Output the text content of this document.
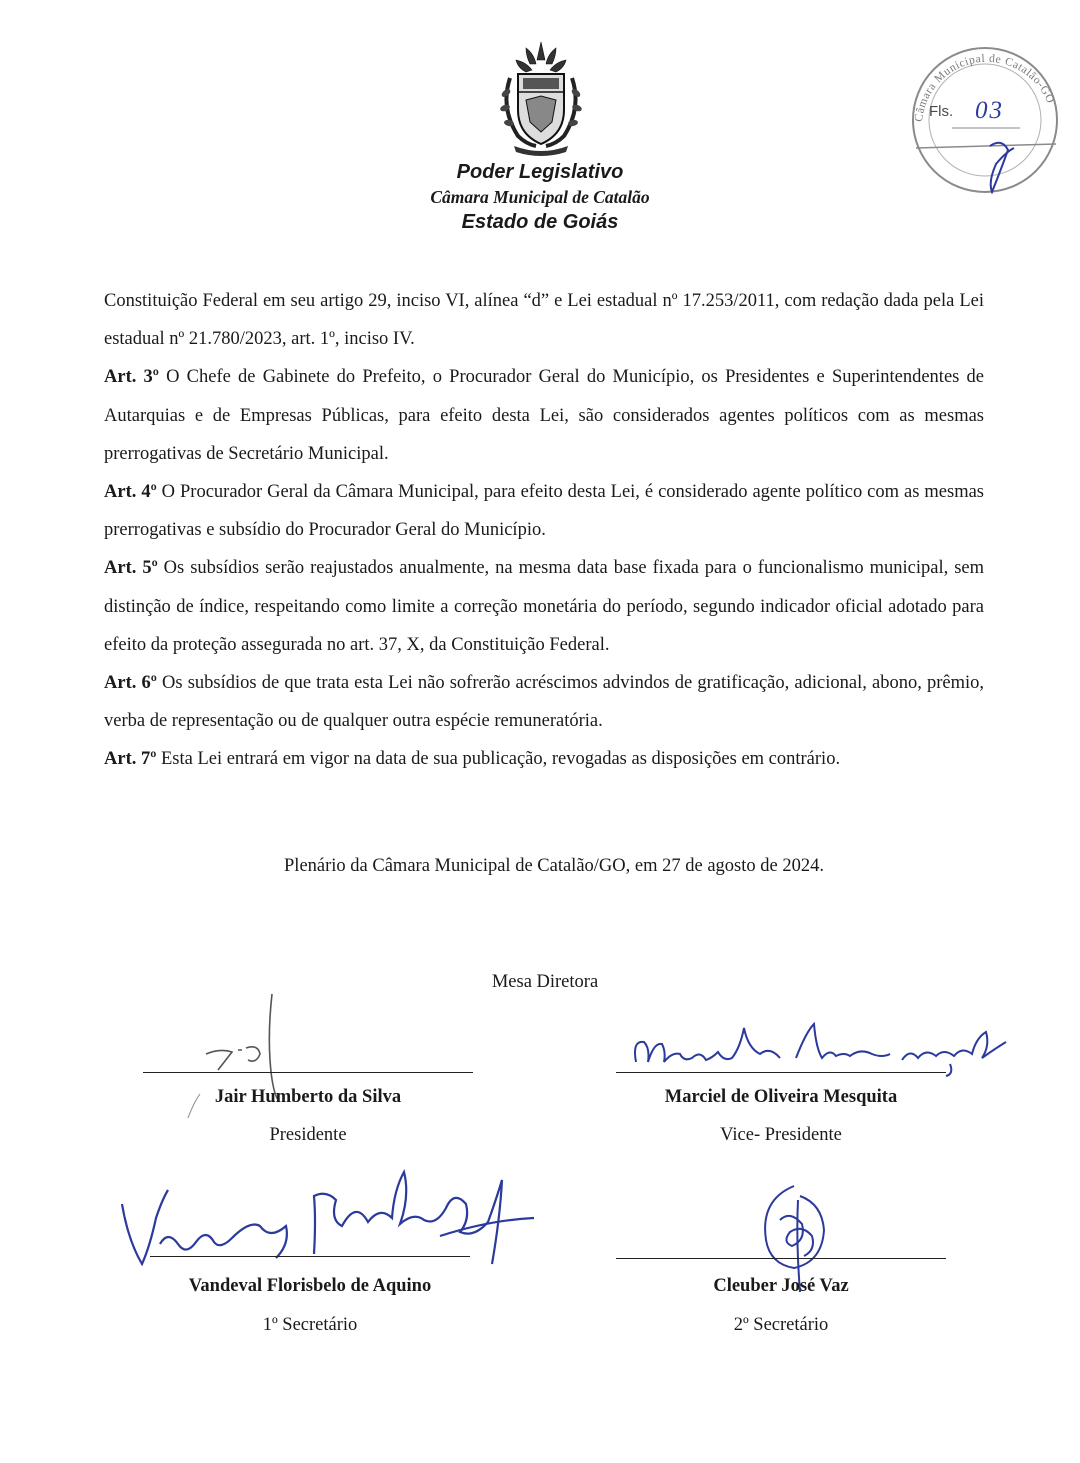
Poder Legislativo
Câmara Municipal de Catalão
Estado de Goiás
Câmara Municipal de Catalão-GO
Fls. 03

Constituição Federal em seu artigo 29, inciso VI, alínea “d” e Lei estadual nº 17.253/2011, com redação dada pela Lei estadual nº 21.780/2023, art. 1º, inciso IV.

Art. 3º O Chefe de Gabinete do Prefeito, o Procurador Geral do Município, os Presidentes e Superintendentes de Autarquias e de Empresas Públicas, para efeito desta Lei, são considerados agentes políticos com as mesmas prerrogativas de Secretário Municipal.

Art. 4º O Procurador Geral da Câmara Municipal, para efeito desta Lei, é considerado agente político com as mesmas prerrogativas e subsídio do Procurador Geral do Município.

Art. 5º Os subsídios serão reajustados anualmente, na mesma data base fixada para o funcionalismo municipal, sem distinção de índice, respeitando como limite a correção monetária do período, segundo indicador oficial adotado para efeito da proteção assegurada no art. 37, X, da Constituição Federal.

Art. 6º Os subsídios de que trata esta Lei não sofrerão acréscimos advindos de gratificação, adicional, abono, prêmio, verba de representação ou de qualquer outra espécie remuneratória.

Art. 7º Esta Lei entrará em vigor na data de sua publicação, revogadas as disposições em contrário.

Plenário da Câmara Municipal de Catalão/GO, em 27 de agosto de 2024.
Mesa Diretora
Jair Humberto da Silva
Presidente
Marciel de Oliveira Mesquita
Vice- Presidente
Vandeval Florisbelo de Aquino
1º Secretário
Cleuber José Vaz
2º Secretário
